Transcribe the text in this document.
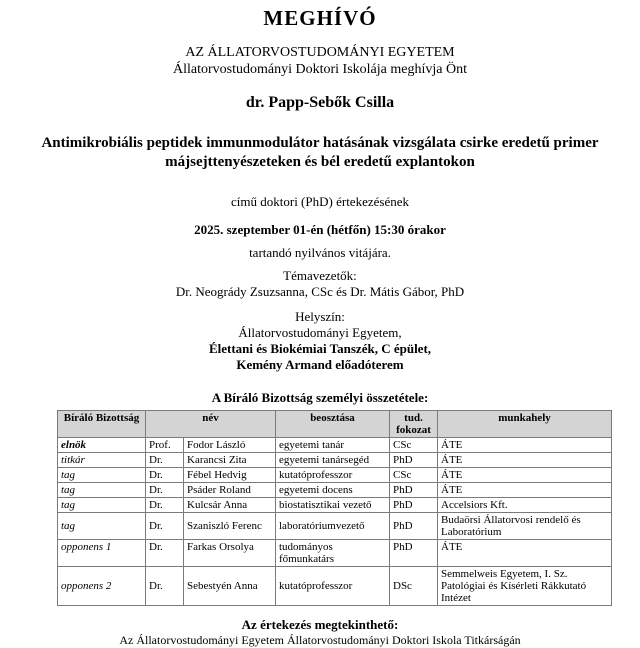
MEGHÍVÓ
AZ ÁLLATORVOSTUDOMÁNYI EGYETEM
Állatorvostudományi Doktori Iskolája meghívja Önt
dr. Papp-Sebők Csilla
Antimikrobiális peptidek immunmodulátor hatásának vizsgálata csirke eredetű primer májsejttenyészeteken és bél eredetű explantokon
című doktori (PhD) értekezésének
2025. szeptember 01-én (hétfőn) 15:30 órakor
tartandó nyilvános vitájára.
Témavezetők:
Dr. Neogrády Zsuzsanna, CSc és Dr. Mátis Gábor, PhD
Helyszín:
Állatorvostudományi Egyetem,
Élettani és Biokémiai Tanszék, C épület,
Kemény Armand előadóterem
A Bíráló Bizottság személyi összetétele:
Bíráló Bizottság	név		beosztása	tud. fokozat	munkahely
elnök	Prof.	Fodor László	egyetemi tanár	CSc	ÁTE
titkár	Dr.	Karancsi Zita	egyetemi tanársegéd	PhD	ÁTE
tag	Dr.	Fébel Hedvig	kutatóprofesszor	CSc	ÁTE
tag	Dr.	Psáder Roland	egyetemi docens	PhD	ÁTE
tag	Dr.	Kulcsár Anna	biostatisztikai vezető	PhD	Accelsiors Kft.
tag	Dr.	Szaniszló Ferenc	laboratóriumvezető	PhD	Budaörsi Állatorvosi rendelő és Laboratórium
opponens 1	Dr.	Farkas Orsolya	tudományos főmunkatárs	PhD	ÁTE
opponens 2	Dr.	Sebestyén Anna	kutatóprofesszor	DSc	Semmelweis Egyetem, I. Sz. Patológiai és Kísérleti Rákkutató Intézet
Az értekezés megtekinthető:
Az Állatorvostudományi Egyetem Állatorvostudományi Doktori Iskola Titkárságán
